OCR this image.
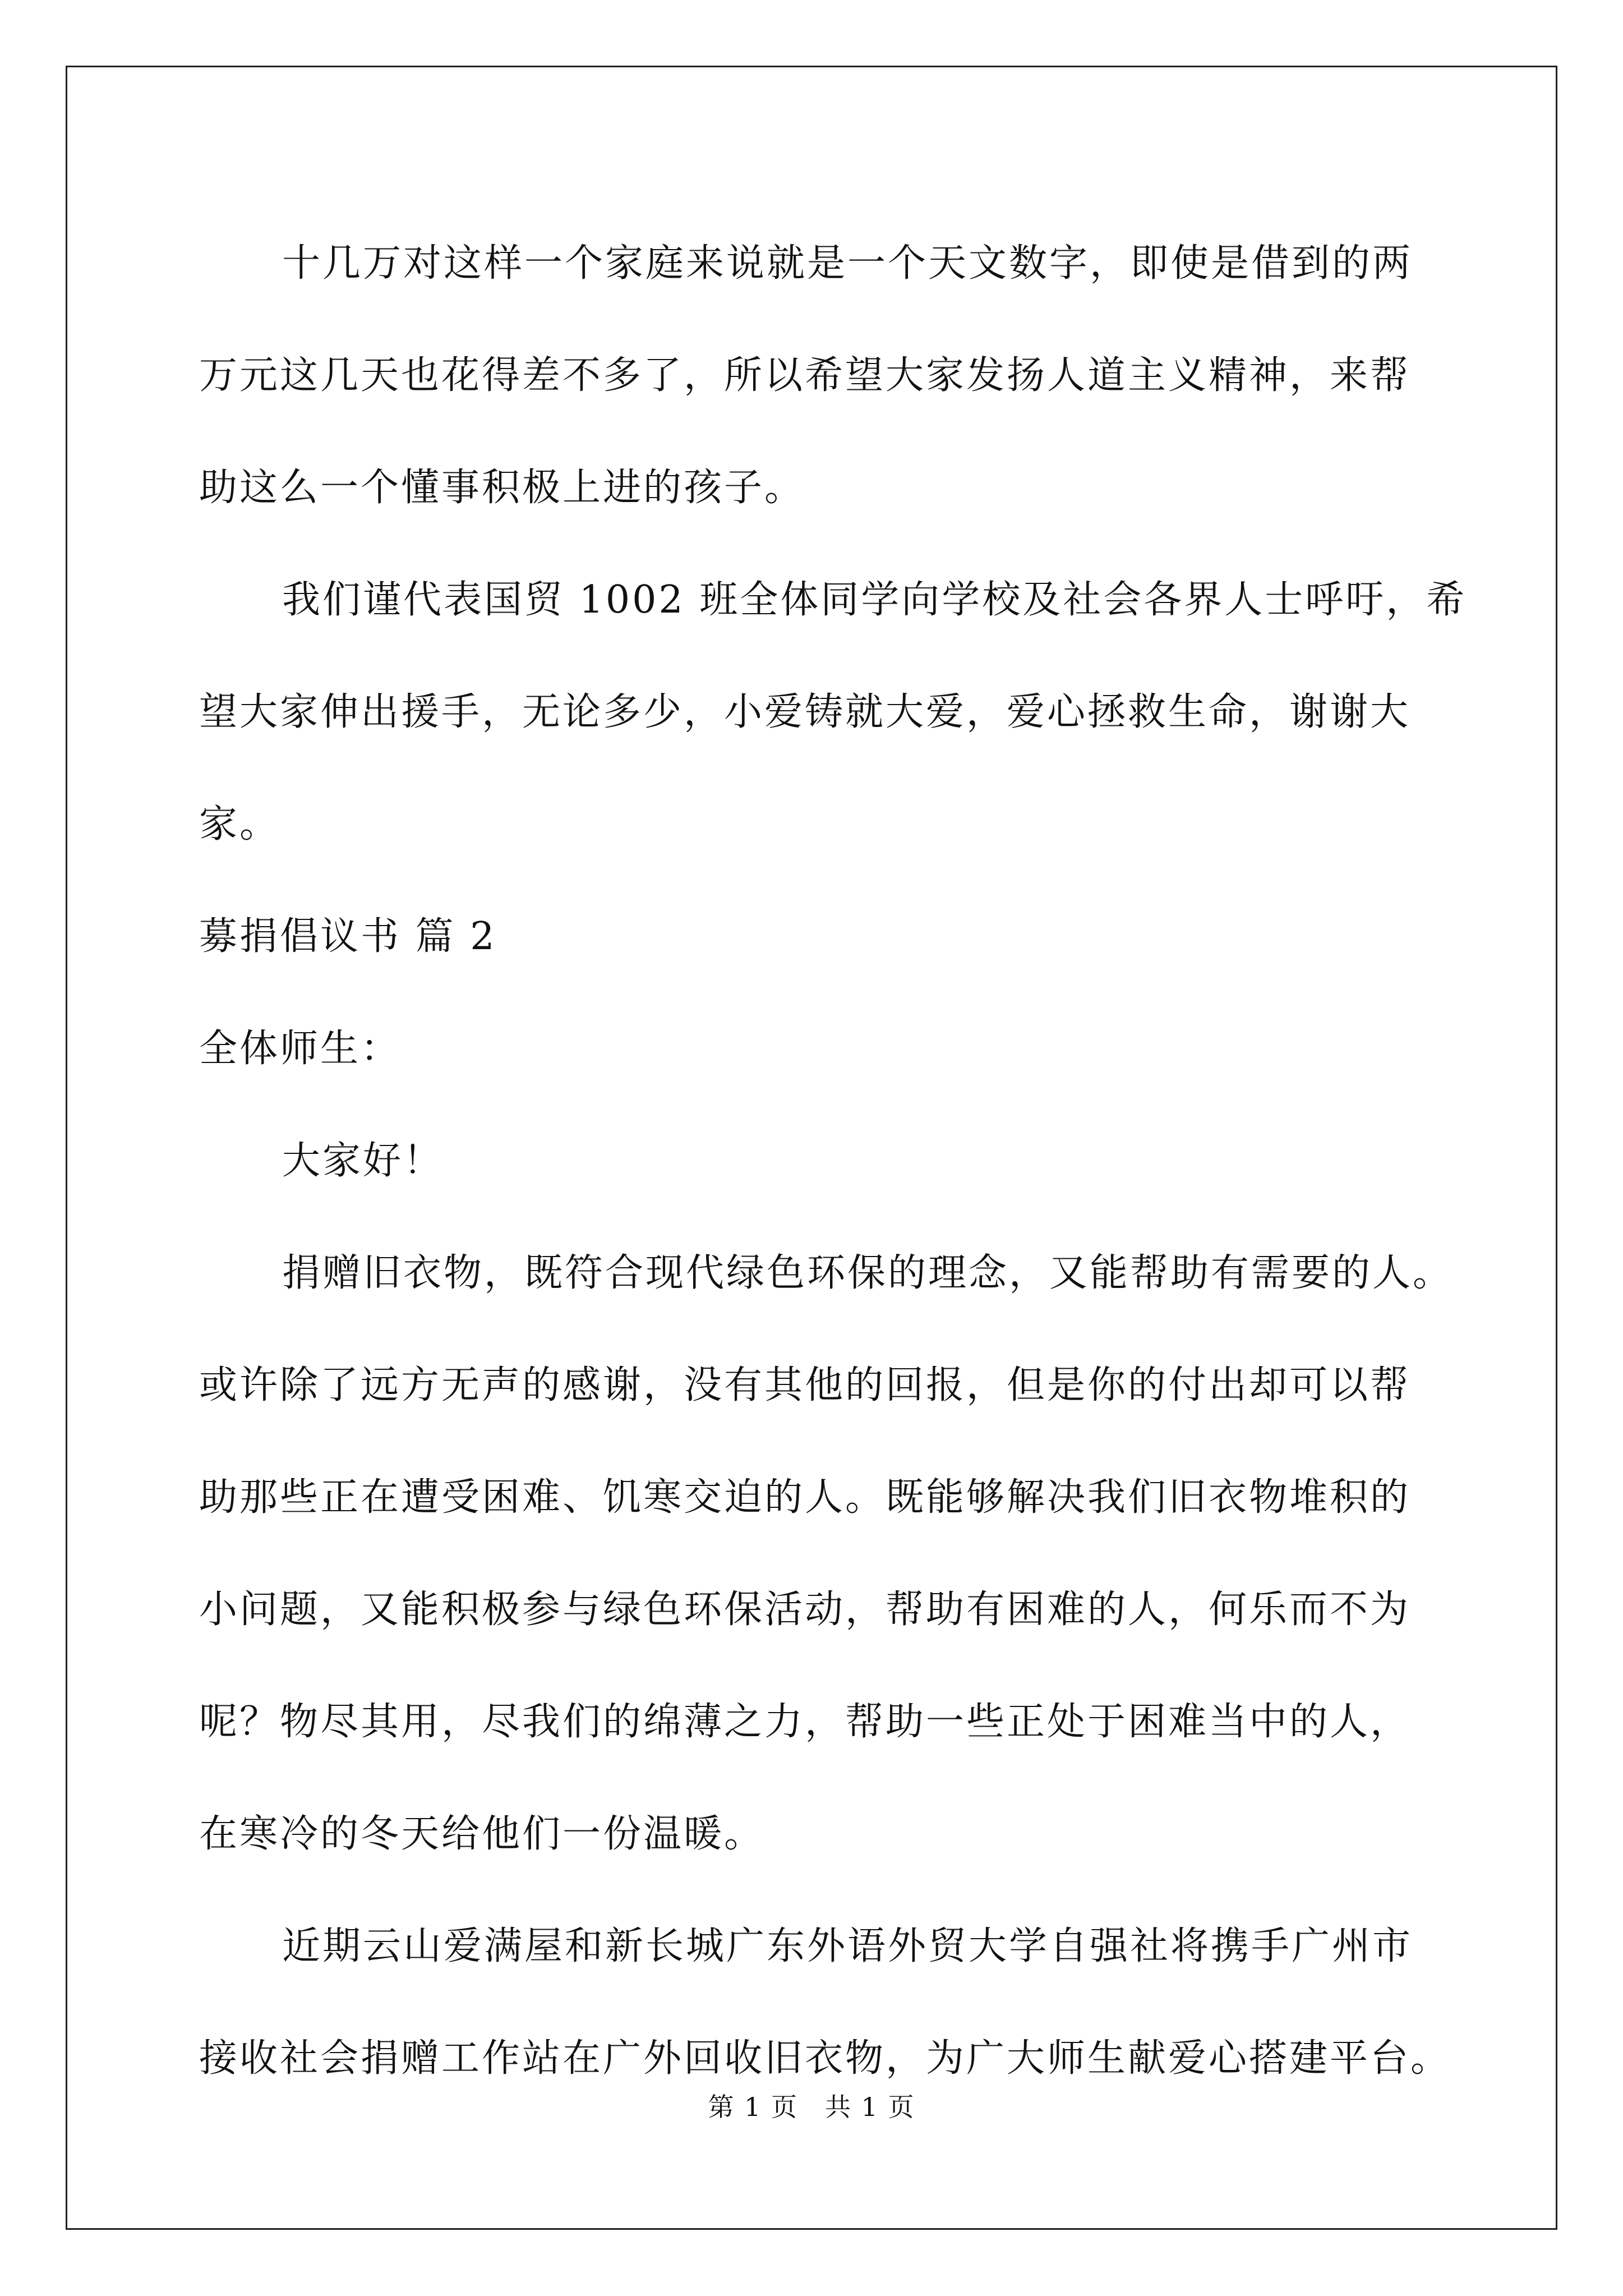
十几万对这样一个家庭来说就是一个天文数字，即使是借到的两
万元这几天也花得差不多了，所以希望大家发扬人道主义精神，来帮
助这么一个懂事积极上进的孩子。

我们谨代表国贸 1002 班全体同学向学校及社会各界人士呼吁，希
望大家伸出援手，无论多少，小爱铸就大爱，爱心拯救生命，谢谢大
家。

募捐倡议书 篇 2

全体师生：

大家好！

捐赠旧衣物，既符合现代绿色环保的理念，又能帮助有需要的人。
或许除了远方无声的感谢，没有其他的回报，但是你的付出却可以帮
助那些正在遭受困难、饥寒交迫的人。既能够解决我们旧衣物堆积的
小问题，又能积极参与绿色环保活动，帮助有困难的人，何乐而不为
呢？物尽其用，尽我们的绵薄之力，帮助一些正处于困难当中的人，
在寒冷的冬天给他们一份温暖。

近期云山爱满屋和新长城广东外语外贸大学自强社将携手广州市
接收社会捐赠工作站在广外回收旧衣物，为广大师生献爱心搭建平台。

第 1 页　共 1 页
